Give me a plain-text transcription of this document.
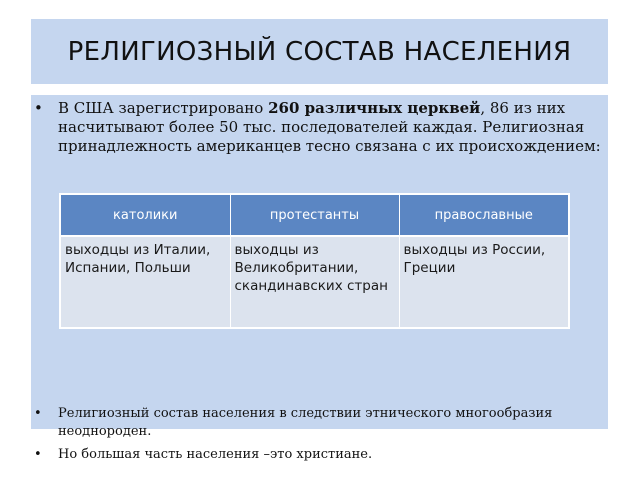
РЕЛИГИОЗНЫЙ СОСТАВ НАСЕЛЕНИЯ
• В США зарегистрировано 260 различных церквей, 86 из них насчитывают более 50 тыс. последователей каждая. Религиозная принадлежность американцев тесно связана с их происхождением:
католики	протестанты	православные
выходцы из Италии, Испании, Польши	выходцы из Великобритании, скандинавских стран	выходцы из России, Греции
• Религиозный состав населения в следствии этнического многообразия неоднороден.
• Но большая часть населения –это христиане.
